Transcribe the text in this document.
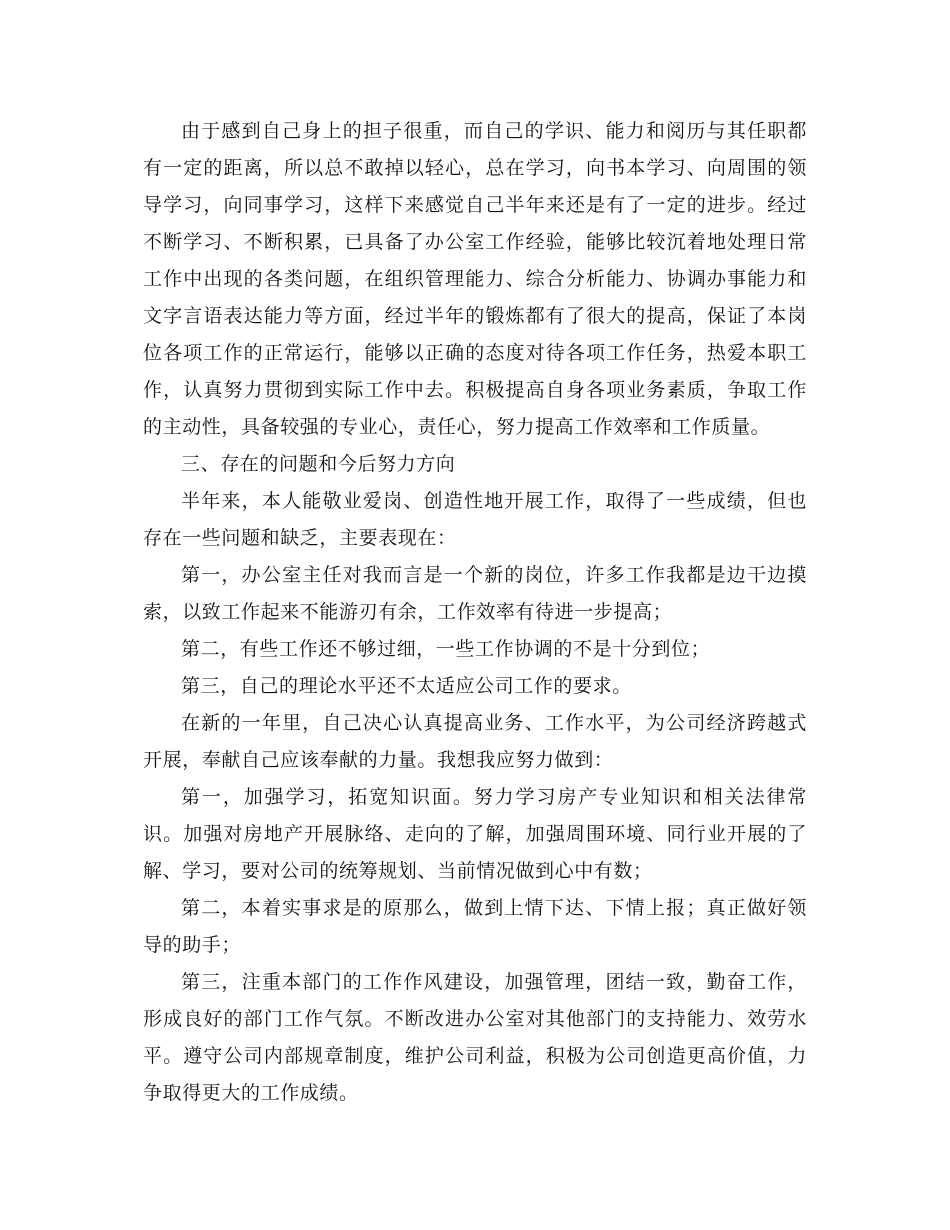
由于感到自己身上的担子很重，而自己的学识、能力和阅历与其任职都有一定的距离，所以总不敢掉以轻心，总在学习，向书本学习、向周围的领导学习，向同事学习，这样下来感觉自己半年来还是有了一定的进步。经过不断学习、不断积累，已具备了办公室工作经验，能够比较沉着地处理日常工作中出现的各类问题，在组织管理能力、综合分析能力、协调办事能力和文字言语表达能力等方面，经过半年的锻炼都有了很大的提高，保证了本岗位各项工作的正常运行，能够以正确的态度对待各项工作任务，热爱本职工作，认真努力贯彻到实际工作中去。积极提高自身各项业务素质，争取工作的主动性，具备较强的专业心，责任心，努力提高工作效率和工作质量。

三、存在的问题和今后努力方向

半年来，本人能敬业爱岗、创造性地开展工作，取得了一些成绩，但也存在一些问题和缺乏，主要表现在：

第一，办公室主任对我而言是一个新的岗位，许多工作我都是边干边摸索，以致工作起来不能游刃有余，工作效率有待进一步提高；

第二，有些工作还不够过细，一些工作协调的不是十分到位；

第三，自己的理论水平还不太适应公司工作的要求。

在新的一年里，自己决心认真提高业务、工作水平，为公司经济跨越式开展，奉献自己应该奉献的力量。我想我应努力做到：

第一，加强学习，拓宽知识面。努力学习房产专业知识和相关法律常识。加强对房地产开展脉络、走向的了解，加强周围环境、同行业开展的了解、学习，要对公司的统筹规划、当前情况做到心中有数；

第二，本着实事求是的原那么，做到上情下达、下情上报；真正做好领导的助手；

第三，注重本部门的工作作风建设，加强管理，团结一致，勤奋工作，形成良好的部门工作气氛。不断改进办公室对其他部门的支持能力、效劳水平。遵守公司内部规章制度，维护公司利益，积极为公司创造更高价值，力争取得更大的工作成绩。
